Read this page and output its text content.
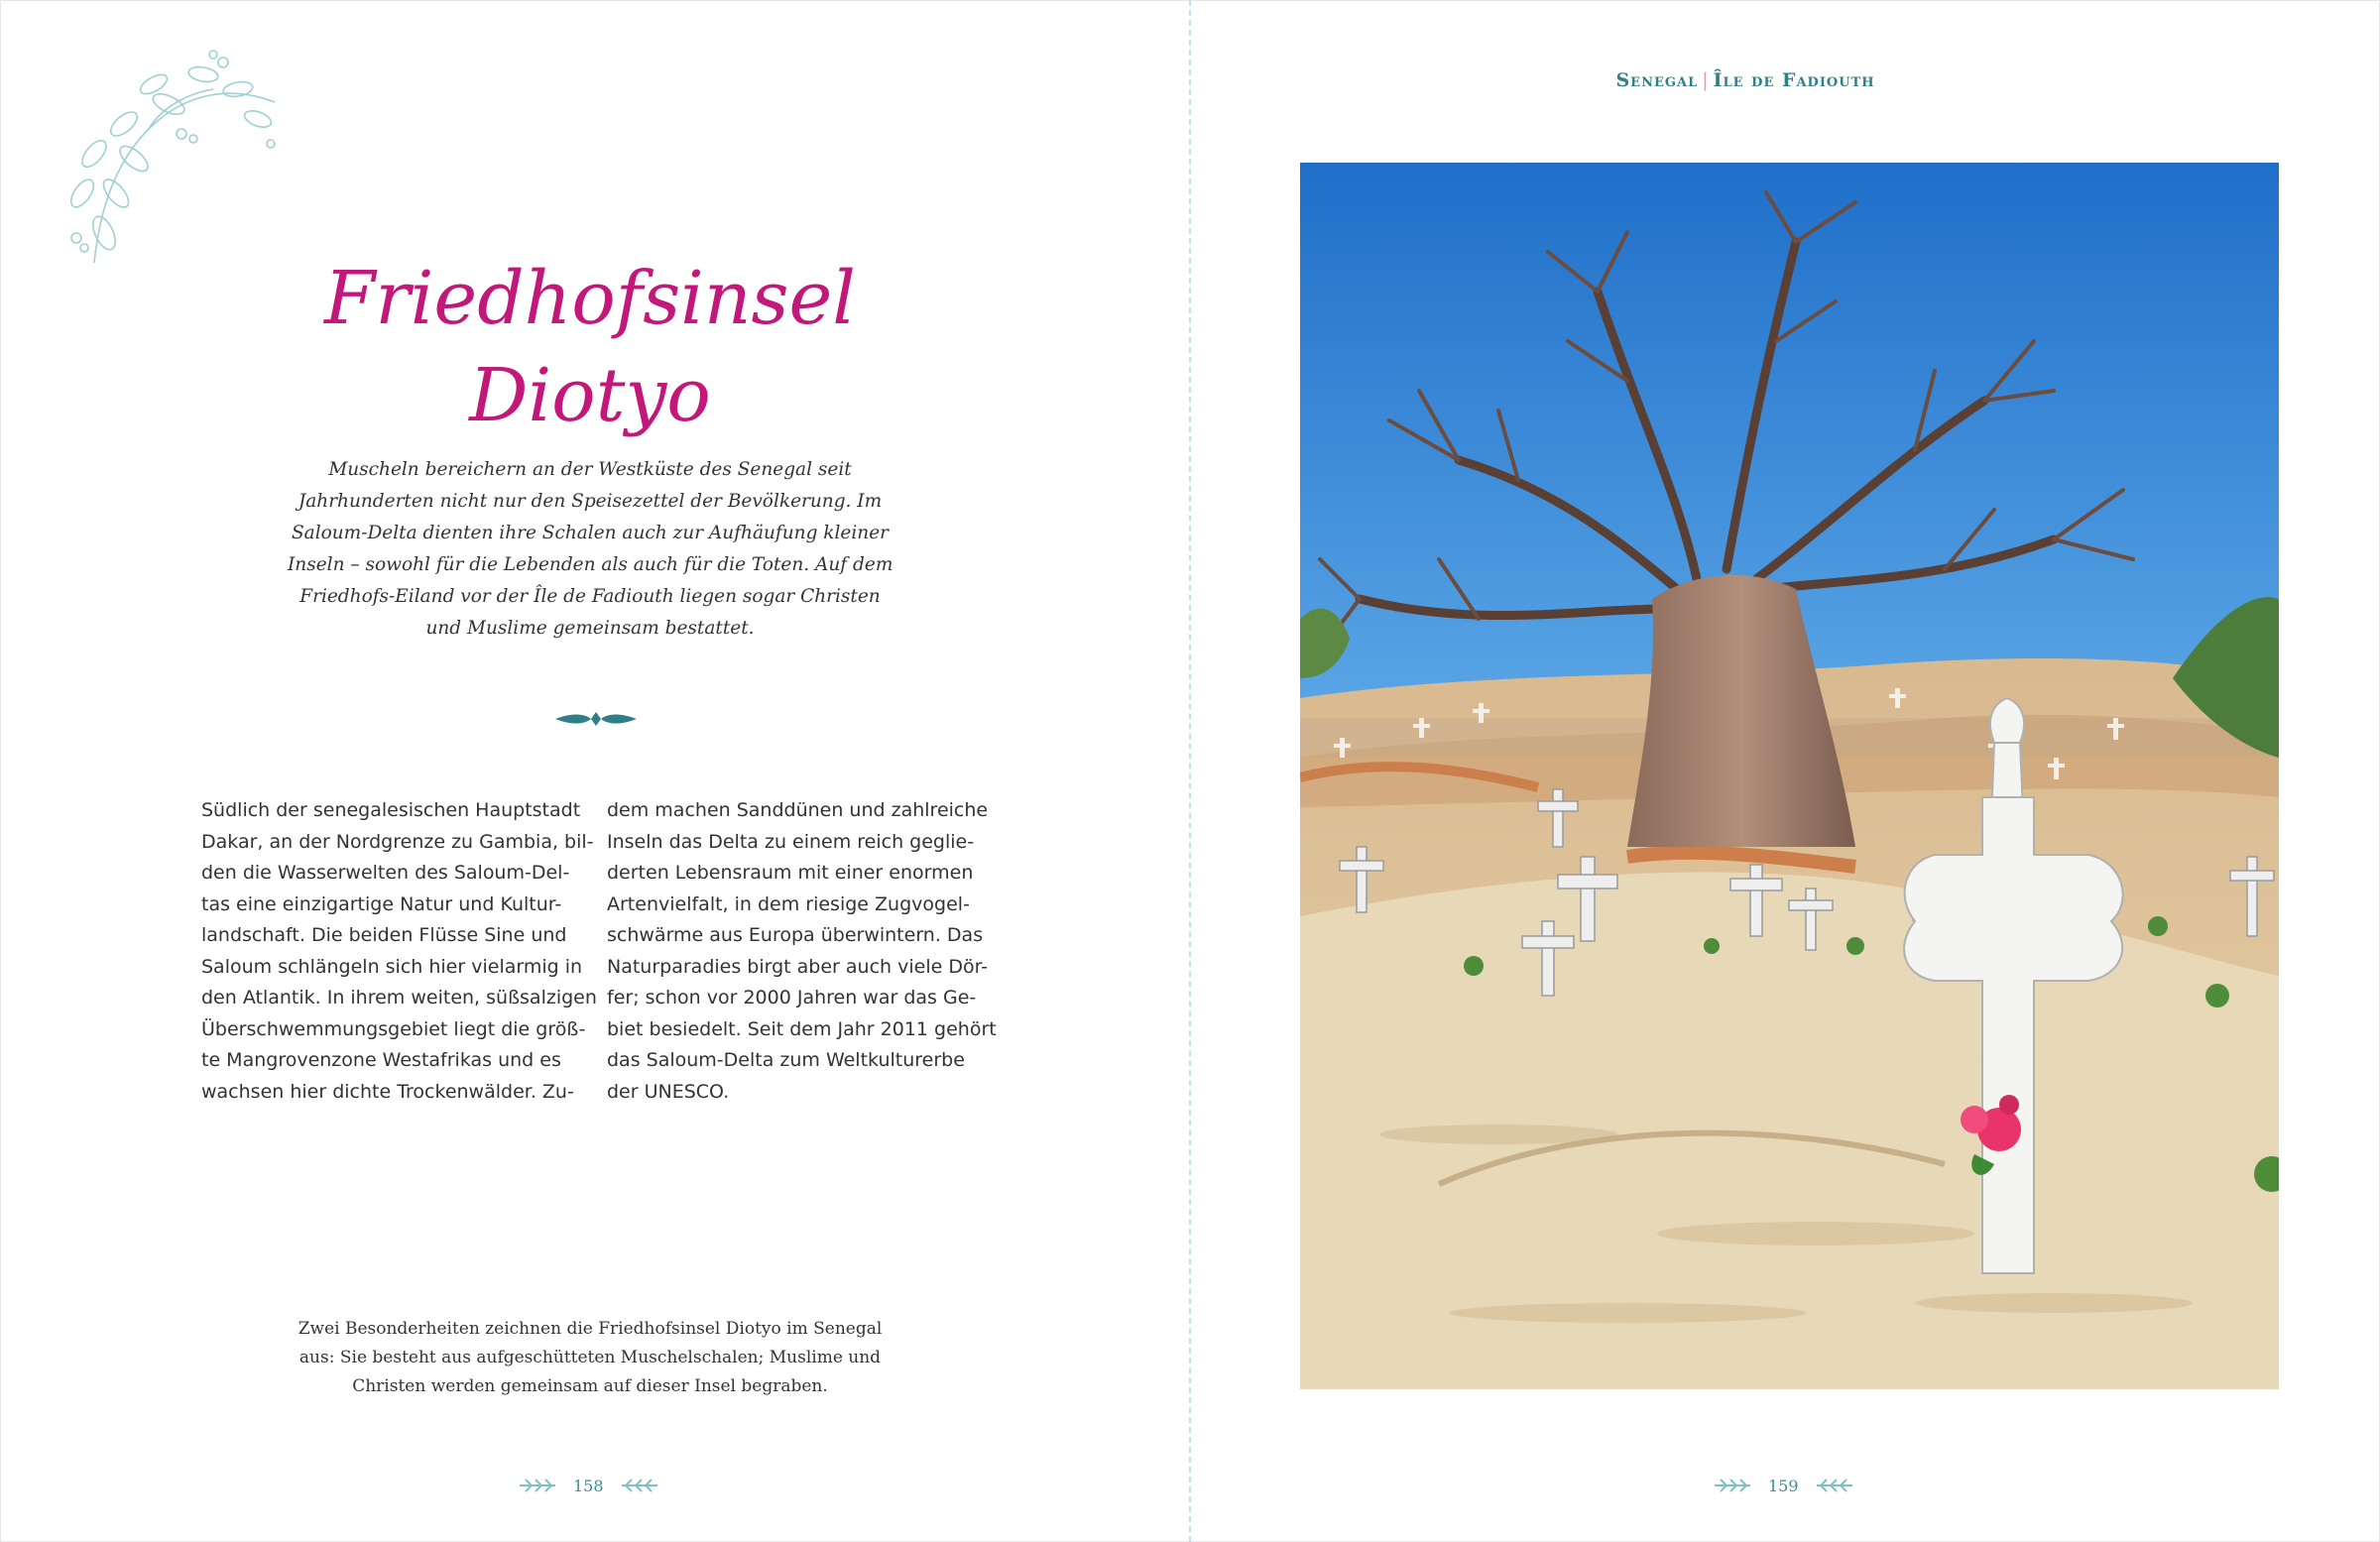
Friedhofsinsel
Diotyo
Muscheln bereichern an der Westküste des Senegal seit
Jahrhunderten nicht nur den Speisezettel der Bevölkerung. Im
Saloum-Delta dienten ihre Schalen auch zur Aufhäufung kleiner
Inseln – sowohl für die Lebenden als auch für die Toten. Auf dem
Friedhofs-Eiland vor der Île de Fadiouth liegen sogar Christen
und Muslime gemeinsam bestattet.
Südlich der senegalesischen Hauptstadt
Dakar, an der Nordgrenze zu Gambia, bil-
den die Wasserwelten des Saloum-Del-
tas eine einzigartige Natur und Kultur-
landschaft. Die beiden Flüsse Sine und
Saloum schlängeln sich hier vielarmig in
den Atlantik. In ihrem weiten, süßsalzigen
Überschwemmungsgebiet liegt die größ-
te Mangrovenzone Westafrikas und es
wachsen hier dichte Trockenwälder. Zu-
dem machen Sanddünen und zahlreiche
Inseln das Delta zu einem reich geglie-
derten Lebensraum mit einer enormen
Artenvielfalt, in dem riesige Zugvogel-
schwärme aus Europa überwintern. Das
Naturparadies birgt aber auch viele Dör-
fer; schon vor 2000 Jahren war das Ge-
biet besiedelt. Seit dem Jahr 2011 gehört
das Saloum-Delta zum Weltkulturerbe
der UNESCO.
Zwei Besonderheiten zeichnen die Friedhofsinsel Diotyo im Senegal
aus: Sie besteht aus aufgeschütteten Muschelschalen; Muslime und
Christen werden gemeinsam auf dieser Insel begraben.
158
Senegal | Île de Fadiouth
159
